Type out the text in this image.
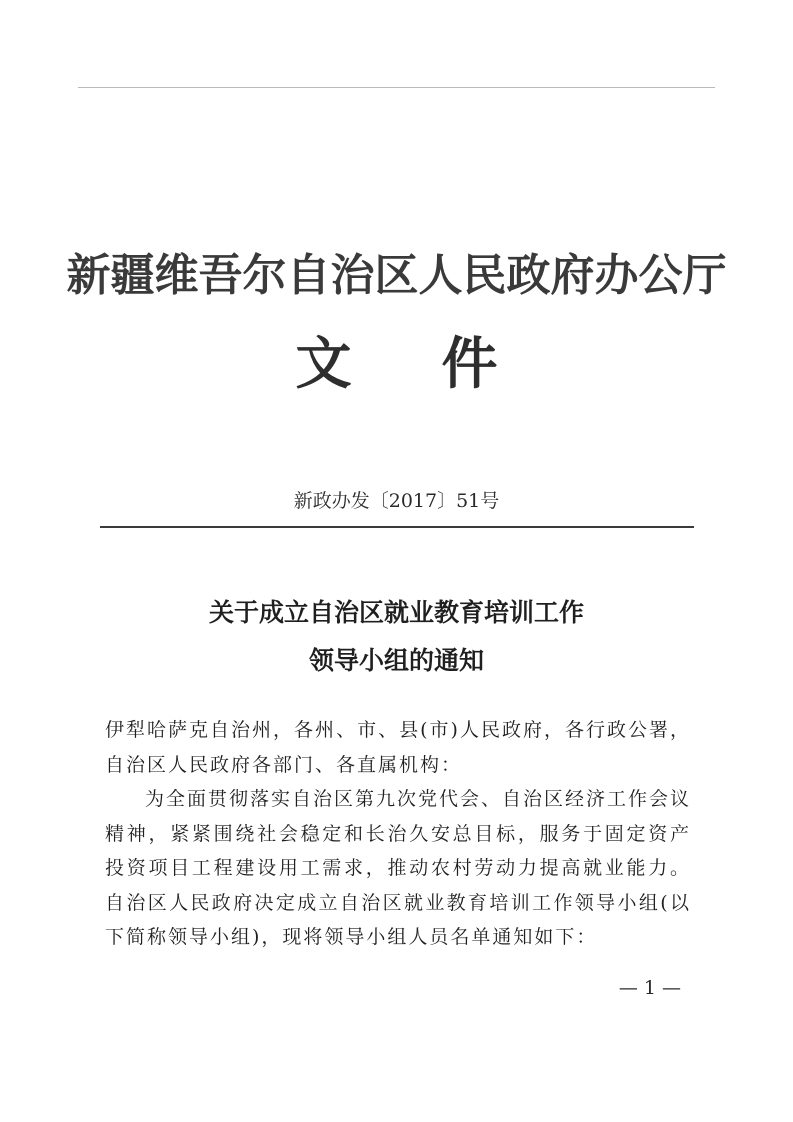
新疆维吾尔自治区人民政府办公厅
文 件
新政办发〔2017〕51号
关于成立自治区就业教育培训工作
领导小组的通知

伊犁哈萨克自治州，各州、市、县(市)人民政府，各行政公署，自治区人民政府各部门、各直属机构：

为全面贯彻落实自治区第九次党代会、自治区经济工作会议精神，紧紧围绕社会稳定和长治久安总目标，服务于固定资产投资项目工程建设用工需求，推动农村劳动力提高就业能力。自治区人民政府决定成立自治区就业教育培训工作领导小组(以下简称领导小组)，现将领导小组人员名单通知如下：

— 1 —
